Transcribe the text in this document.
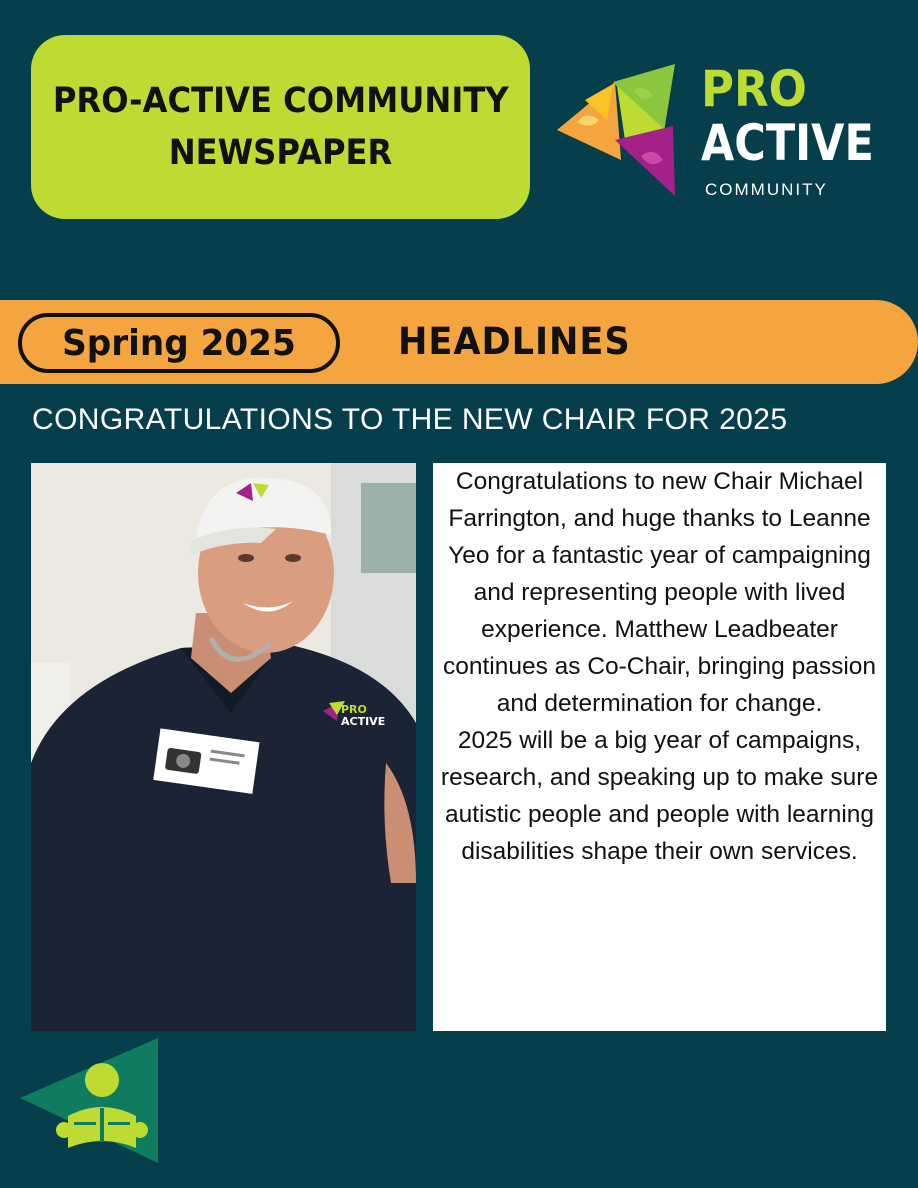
PRO-ACTIVE COMMUNITY
NEWSPAPER
PRO
ACTIVE
COMMUNITY
Spring 2025	HEADLINES
CONGRATULATIONS TO THE NEW CHAIR FOR 2025
PRO
ACTIVE

Congratulations to new Chair Michael Farrington, and huge thanks to Leanne Yeo for a fantastic year of campaigning and representing people with lived experience. Matthew Leadbeater continues as Co-Chair, bringing passion and determination for change.

2025 will be a big year of campaigns, research, and speaking up to make sure autistic people and people with learning disabilities shape their own services.
